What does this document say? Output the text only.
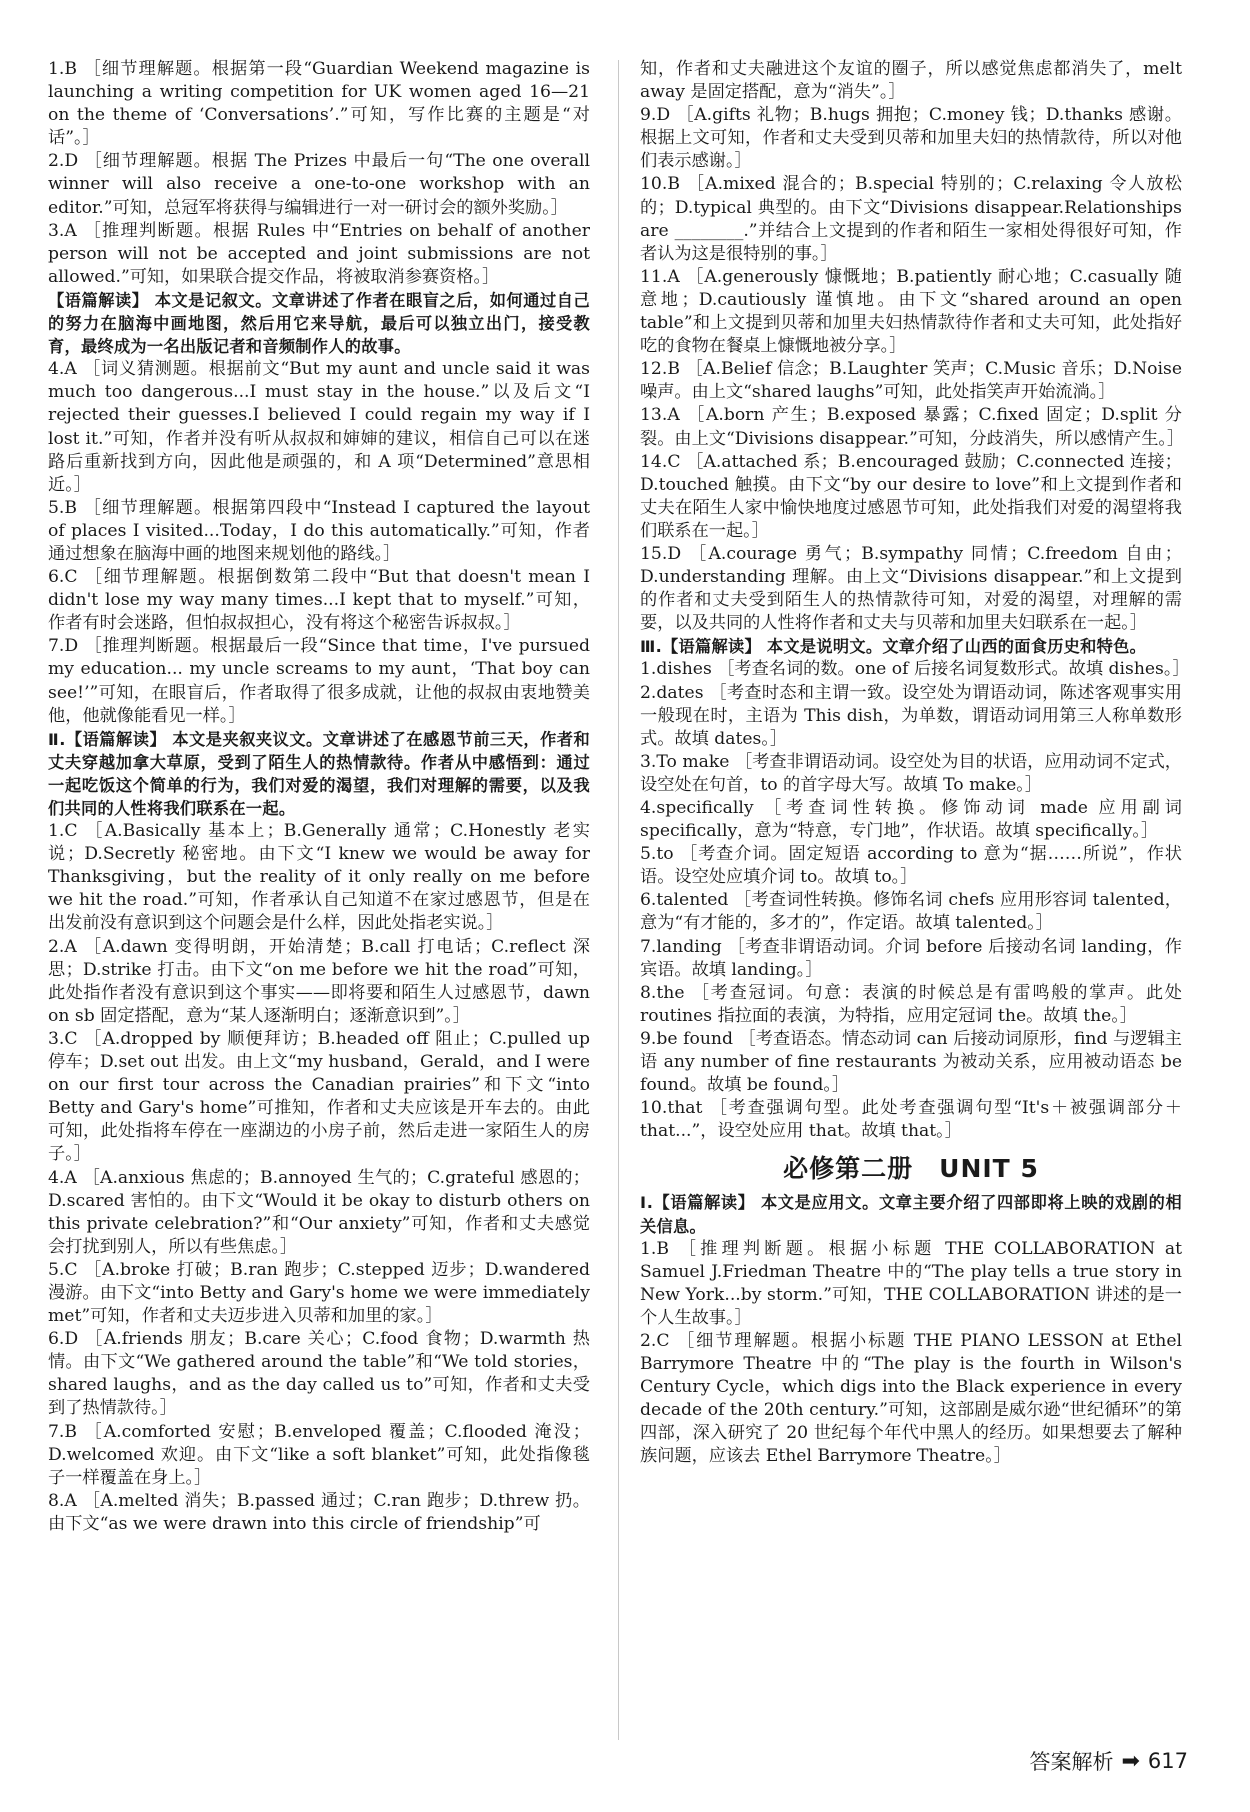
1.B ［细节理解题。根据第一段“Guardian Weekend magazine is launching a writing competition for UK women aged 16—21 on the theme of ‘Conversations’.”可知，写作比赛的主题是“对话”。］

2.D ［细节理解题。根据 The Prizes 中最后一句“The one overall winner will also receive a one-to-one workshop with an editor.”可知，总冠军将获得与编辑进行一对一研讨会的额外奖励。］

3.A ［推理判断题。根据 Rules 中“Entries on behalf of another person will not be accepted and joint submissions are not allowed.”可知，如果联合提交作品，将被取消参赛资格。］

【语篇解读】 本文是记叙文。文章讲述了作者在眼盲之后，如何通过自己的努力在脑海中画地图，然后用它来导航，最后可以独立出门，接受教育，最终成为一名出版记者和音频制作人的故事。

4.A ［词义猜测题。根据前文“But my aunt and uncle said it was much too dangerous...I must stay in the house.”以及后文“I rejected their guesses.I believed I could regain my way if I lost it.”可知，作者并没有听从叔叔和婶婶的建议，相信自己可以在迷路后重新找到方向，因此他是顽强的，和 A 项“Determined”意思相近。］

5.B ［细节理解题。根据第四段中“Instead I captured the layout of places I visited...Today，I do this automatically.”可知，作者通过想象在脑海中画的地图来规划他的路线。］

6.C ［细节理解题。根据倒数第二段中“But that doesn't mean I didn't lose my way many times...I kept that to myself.”可知，作者有时会迷路，但怕叔叔担心，没有将这个秘密告诉叔叔。］

7.D ［推理判断题。根据最后一段“Since that time，I've pursued my education... my uncle screams to my aunt，‘That boy can see!’”可知，在眼盲后，作者取得了很多成就，让他的叔叔由衷地赞美他，他就像能看见一样。］

Ⅱ.【语篇解读】 本文是夹叙夹议文。文章讲述了在感恩节前三天，作者和丈夫穿越加拿大草原，受到了陌生人的热情款待。作者从中感悟到：通过一起吃饭这个简单的行为，我们对爱的渴望，我们对理解的需要，以及我们共同的人性将我们联系在一起。

1.C ［A.Basically 基本上；B.Generally 通常；C.Honestly 老实说；D.Secretly 秘密地。由下文“I knew we would be away for Thanksgiving，but the reality of it only really on me before we hit the road.”可知，作者承认自己知道不在家过感恩节，但是在出发前没有意识到这个问题会是什么样，因此处指老实说。］

2.A ［A.dawn 变得明朗，开始清楚；B.call 打电话；C.reflect 深思；D.strike 打击。由下文“on me before we hit the road”可知，此处指作者没有意识到这个事实——即将要和陌生人过感恩节，dawn on sb 固定搭配，意为“某人逐渐明白；逐渐意识到”。］

3.C ［A.dropped by 顺便拜访；B.headed off 阻止；C.pulled up 停车；D.set out 出发。由上文“my husband，Gerald，and I were on our first tour across the Canadian prairies”和下文“into Betty and Gary's home”可推知，作者和丈夫应该是开车去的。由此可知，此处指将车停在一座湖边的小房子前，然后走进一家陌生人的房子。］

4.A ［A.anxious 焦虑的；B.annoyed 生气的；C.grateful 感恩的；D.scared 害怕的。由下文“Would it be okay to disturb others on this private celebration?”和“Our anxiety”可知，作者和丈夫感觉会打扰到别人，所以有些焦虑。］

5.C ［A.broke 打破；B.ran 跑步；C.stepped 迈步；D.wandered 漫游。由下文“into Betty and Gary's home we were immediately met”可知，作者和丈夫迈步进入贝蒂和加里的家。］

6.D ［A.friends 朋友；B.care 关心；C.food 食物；D.warmth 热情。由下文“We gathered around the table”和“We told stories，shared laughs，and as the day called us to”可知，作者和丈夫受到了热情款待。］

7.B ［A.comforted 安慰；B.enveloped 覆盖；C.flooded 淹没；D.welcomed 欢迎。由下文“like a soft blanket”可知，此处指像毯子一样覆盖在身上。］

8.A ［A.melted 消失；B.passed 通过；C.ran 跑步；D.threw 扔。由下文“as we were drawn into this circle of friendship”可

知，作者和丈夫融进这个友谊的圈子，所以感觉焦虑都消失了，melt away 是固定搭配，意为“消失”。］

9.D ［A.gifts 礼物；B.hugs 拥抱；C.money 钱；D.thanks 感谢。根据上文可知，作者和丈夫受到贝蒂和加里夫妇的热情款待，所以对他们表示感谢。］

10.B ［A.mixed 混合的；B.special 特别的；C.relaxing 令人放松的；D.typical 典型的。由下文“Divisions disappear.Relationships are ________.”并结合上文提到的作者和陌生一家相处得很好可知，作者认为这是很特别的事。］

11.A ［A.generously 慷慨地；B.patiently 耐心地；C.casually 随意地；D.cautiously 谨慎地。由下文“shared around an open table”和上文提到贝蒂和加里夫妇热情款待作者和丈夫可知，此处指好吃的食物在餐桌上慷慨地被分享。］

12.B ［A.Belief 信念；B.Laughter 笑声；C.Music 音乐；D.Noise 噪声。由上文“shared laughs”可知，此处指笑声开始流淌。］

13.A ［A.born 产生；B.exposed 暴露；C.fixed 固定；D.split 分裂。由上文“Divisions disappear.”可知，分歧消失，所以感情产生。］

14.C ［A.attached 系；B.encouraged 鼓励；C.connected 连接；D.touched 触摸。由下文“by our desire to love”和上文提到作者和丈夫在陌生人家中愉快地度过感恩节可知，此处指我们对爱的渴望将我们联系在一起。］

15.D ［A.courage 勇气；B.sympathy 同情；C.freedom 自由；D.understanding 理解。由上文“Divisions disappear.”和上文提到的作者和丈夫受到陌生人的热情款待可知，对爱的渴望，对理解的需要，以及共同的人性将作者和丈夫与贝蒂和加里夫妇联系在一起。］

Ⅲ.【语篇解读】 本文是说明文。文章介绍了山西的面食历史和特色。

1.dishes ［考查名词的数。one of 后接名词复数形式。故填 dishes。］

2.dates ［考查时态和主谓一致。设空处为谓语动词，陈述客观事实用一般现在时，主语为 This dish，为单数，谓语动词用第三人称单数形式。故填 dates。］

3.To make ［考查非谓语动词。设空处为目的状语，应用动词不定式，设空处在句首，to 的首字母大写。故填 To make。］

4.specifically ［考查词性转换。修饰动词 made 应用副词 specifically，意为“特意，专门地”，作状语。故填 specifically。］

5.to ［考查介词。固定短语 according to 意为“据……所说”，作状语。设空处应填介词 to。故填 to。］

6.talented ［考查词性转换。修饰名词 chefs 应用形容词 talented，意为“有才能的，多才的”，作定语。故填 talented。］

7.landing ［考查非谓语动词。介词 before 后接动名词 landing，作宾语。故填 landing。］

8.the ［考查冠词。句意：表演的时候总是有雷鸣般的掌声。此处 routines 指拉面的表演，为特指，应用定冠词 the。故填 the。］

9.be found ［考查语态。情态动词 can 后接动词原形，find 与逻辑主语 any number of fine restaurants 为被动关系，应用被动语态 be found。故填 be found。］

10.that ［考查强调句型。此处考查强调句型“It's＋被强调部分＋that...”，设空处应用 that。故填 that。］

必修第二册　UNIT 5

Ⅰ.【语篇解读】 本文是应用文。文章主要介绍了四部即将上映的戏剧的相关信息。

1.B ［推理判断题。根据小标题 THE COLLABORATION at Samuel J.Friedman Theatre 中的“The play tells a true story in New York...by storm.”可知，THE COLLABORATION 讲述的是一个人生故事。］

2.C ［细节理解题。根据小标题 THE PIANO LESSON at Ethel Barrymore Theatre 中的“The play is the fourth in Wilson's Century Cycle，which digs into the Black experience in every decade of the 20th century.”可知，这部剧是威尔逊“世纪循环”的第四部，深入研究了 20 世纪每个年代中黑人的经历。如果想要去了解种族问题，应该去 Ethel Barrymore Theatre。］

答案解析 ➡ 617
